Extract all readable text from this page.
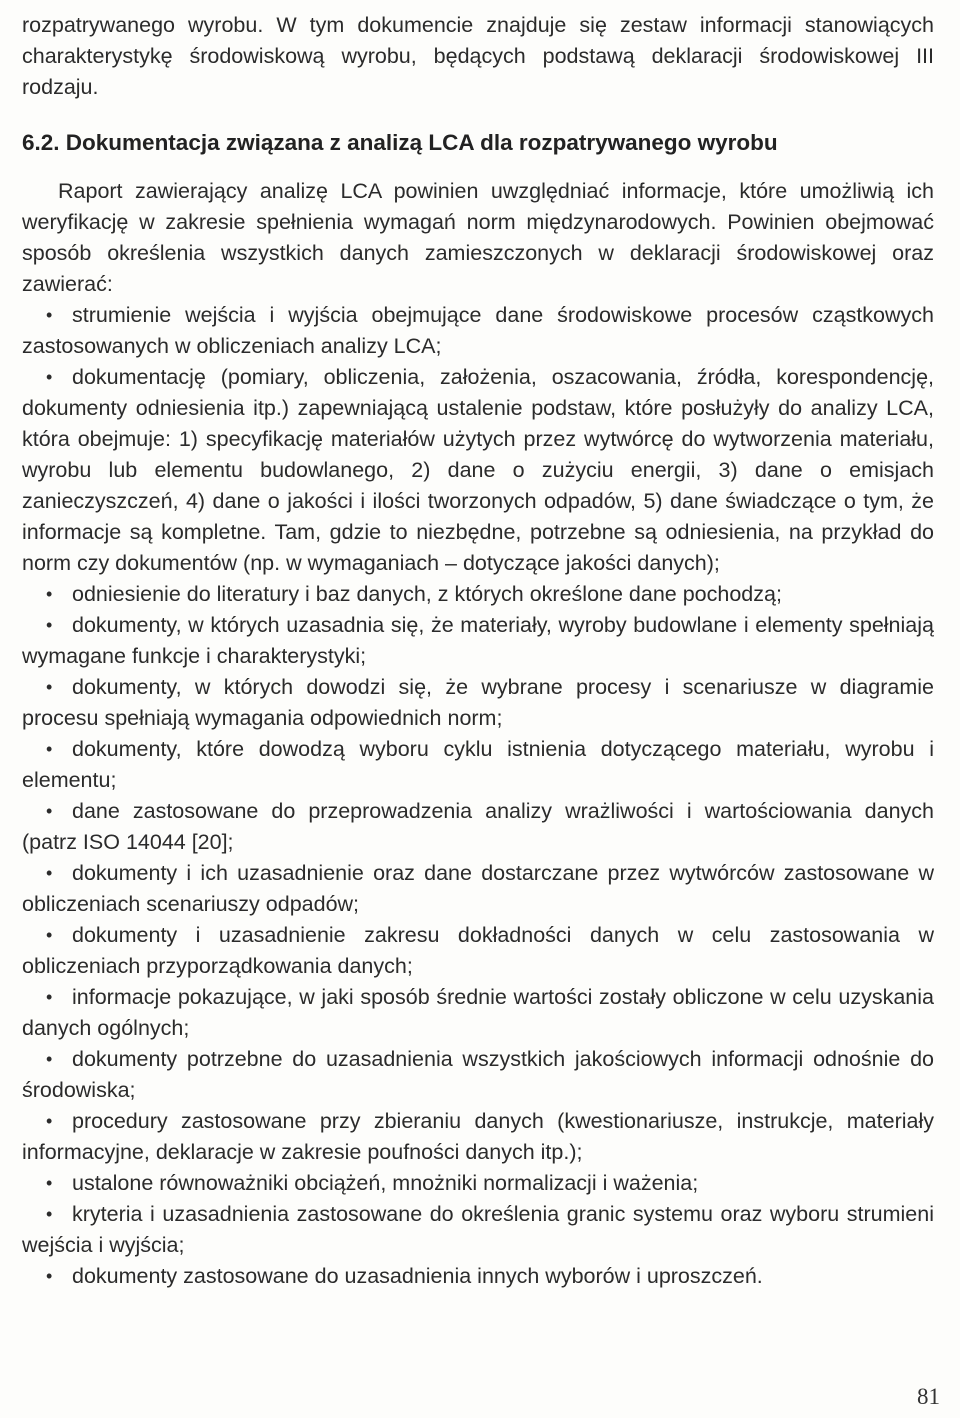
rozpatrywanego wyrobu. W tym dokumencie znajduje się zestaw informacji stanowiących charakterystykę środowiskową wyrobu, będących podstawą deklaracji środowiskowej III rodzaju.

6.2. Dokumentacja związana z analizą LCA dla rozpatrywanego wyrobu

Raport zawierający analizę LCA powinien uwzględniać informacje, które umożliwią ich weryfikację w zakresie spełnienia wymagań norm międzynarodowych. Powinien obejmować sposób określenia wszystkich danych zamieszczonych w deklaracji środowiskowej oraz zawierać:

• strumienie wejścia i wyjścia obejmujące dane środowiskowe procesów cząstkowych zastosowanych w obliczeniach analizy LCA;
• dokumentację (pomiary, obliczenia, założenia, oszacowania, źródła, korespondencję, dokumenty odniesienia itp.) zapewniającą ustalenie podstaw, które posłużyły do analizy LCA, która obejmuje: 1) specyfikację materiałów użytych przez wytwórcę do wytworzenia materiału, wyrobu lub elementu budowlanego, 2) dane o zużyciu energii, 3) dane o emisjach zanieczyszczeń, 4) dane o jakości i ilości tworzonych odpadów, 5) dane świadczące o tym, że informacje są kompletne. Tam, gdzie to niezbędne, potrzebne są odniesienia, na przykład do norm czy dokumentów (np. w wymaganiach – dotyczące jakości danych);
• odniesienie do literatury i baz danych, z których określone dane pochodzą;
• dokumenty, w których uzasadnia się, że materiały, wyroby budowlane i elementy spełniają wymagane funkcje i charakterystyki;
• dokumenty, w których dowodzi się, że wybrane procesy i scenariusze w diagramie procesu spełniają wymagania odpowiednich norm;
• dokumenty, które dowodzą wyboru cyklu istnienia dotyczącego materiału, wyrobu i elementu;
• dane zastosowane do przeprowadzenia analizy wrażliwości i wartościowania danych (patrz ISO 14044 [20];
• dokumenty i ich uzasadnienie oraz dane dostarczane przez wytwórców zastosowane w obliczeniach scenariuszy odpadów;
• dokumenty i uzasadnienie zakresu dokładności danych w celu zastosowania w obliczeniach przyporządkowania danych;
• informacje pokazujące, w jaki sposób średnie wartości zostały obliczone w celu uzyskania danych ogólnych;
• dokumenty potrzebne do uzasadnienia wszystkich jakościowych informacji odnośnie do środowiska;
• procedury zastosowane przy zbieraniu danych (kwestionariusze, instrukcje, materiały informacyjne, deklaracje w zakresie poufności danych itp.);
• ustalone równoważniki obciążeń, mnożniki normalizacji i ważenia;
• kryteria i uzasadnienia zastosowane do określenia granic systemu oraz wyboru strumieni wejścia i wyjścia;
• dokumenty zastosowane do uzasadnienia innych wyborów i uproszczeń.
81
